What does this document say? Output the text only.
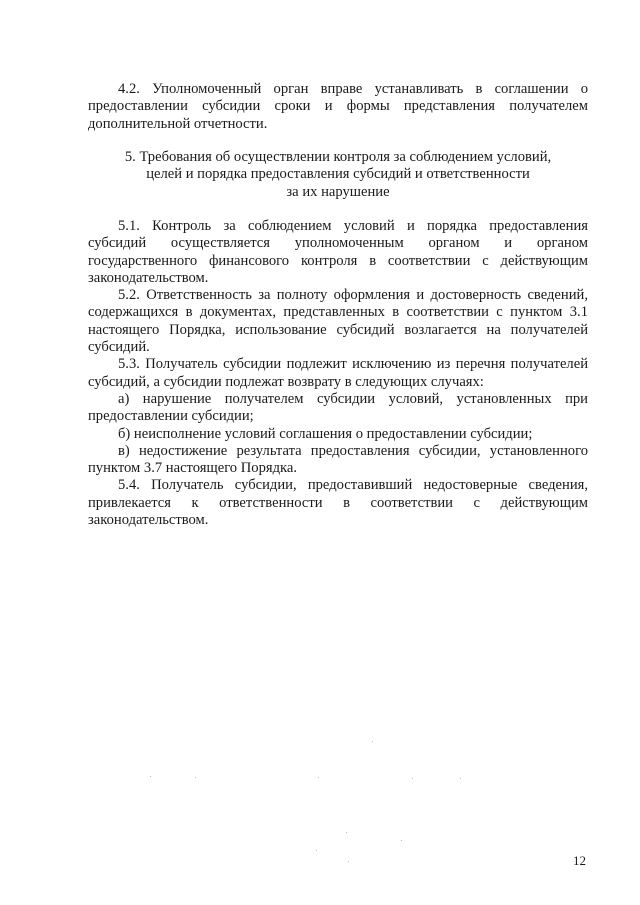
4.2. Уполномоченный орган вправе устанавливать в соглашении о предоставлении субсидии сроки и формы представления получателем дополнительной отчетности.

5. Требования об осуществлении контроля за соблюдением условий,
целей и порядка предоставления субсидий и ответственности
за их нарушение

5.1. Контроль за соблюдением условий и порядка предоставления субсидий осуществляется уполномоченным органом и органом государственного финансового контроля в соответствии с действующим законодательством.

5.2. Ответственность за полноту оформления и достоверность сведений, содержащихся в документах, представленных в соответствии с пунктом 3.1 настоящего Порядка, использование субсидий возлагается на получателей субсидий.

5.3. Получатель субсидии подлежит исключению из перечня получателей субсидий, а субсидии подлежат возврату в следующих случаях:

а) нарушение получателем субсидии условий, установленных при предоставлении субсидии;

б) неисполнение условий соглашения о предоставлении субсидии;

в) недостижение результата предоставления субсидии, установленного пунктом 3.7 настоящего Порядка.

5.4. Получатель субсидии, предоставивший недостоверные сведения, привлекается к ответственности в соответствии с действующим законодательством.

12
